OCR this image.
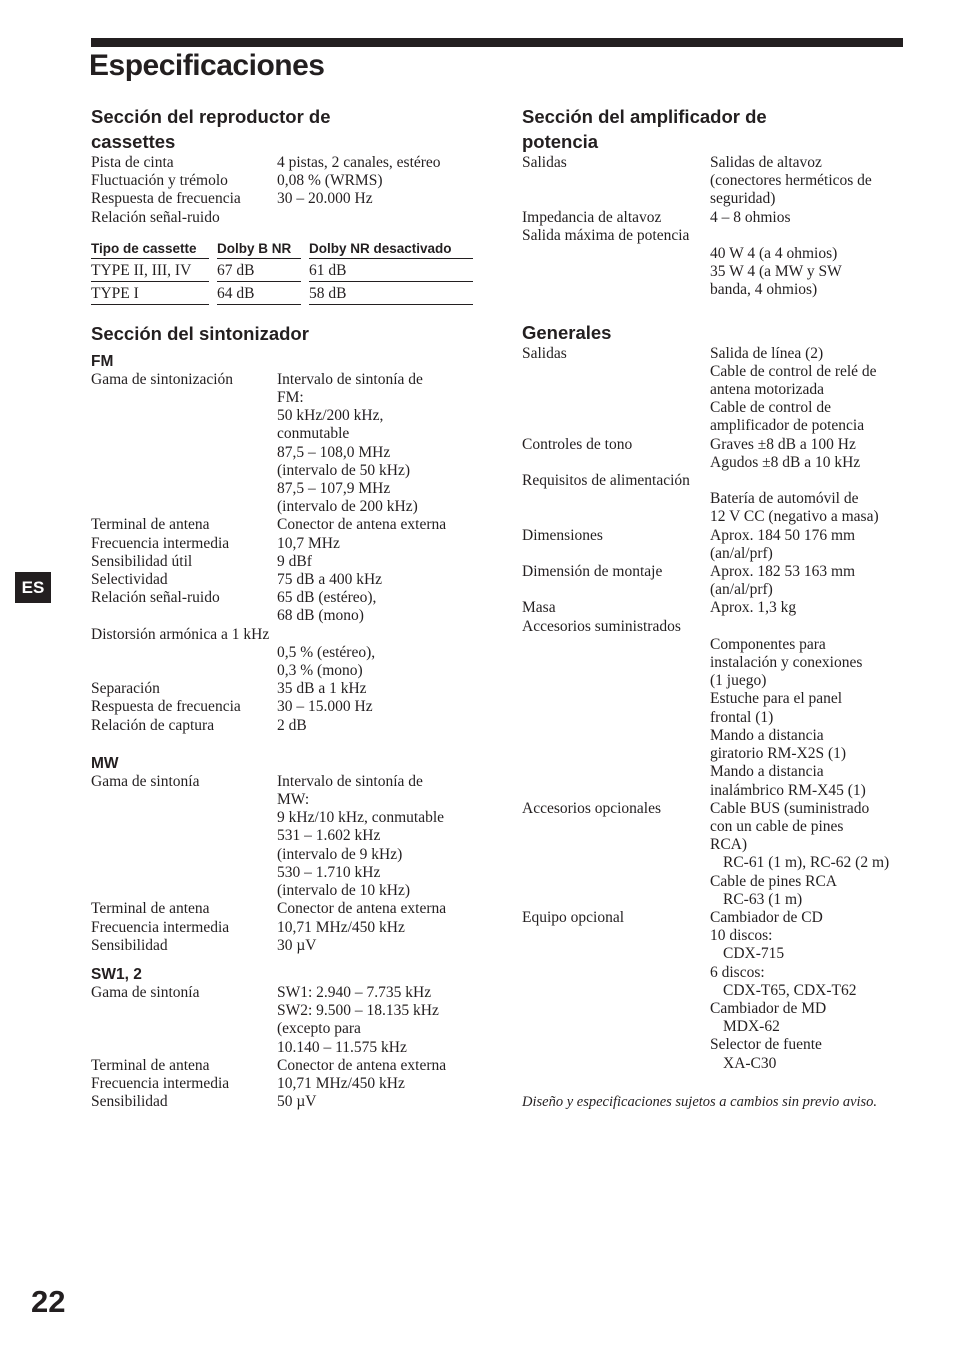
Especificaciones
Sección del reproductor de
cassettes
Pista de cinta	4 pistas, 2 canales, estéreo
Fluctuación y trémolo	0,08 % (WRMS)
Respuesta de frecuencia	30 – 20.000 Hz
Relación señal-ruido
Tipo de cassette		Dolby B NR		Dolby NR desactivado
TYPE II, III, IV		67 dB		61 dB
TYPE I		64 dB		58 dB
Sección del sintonizador
FM
Gama de sintonización	Intervalo de sintonía de
FM:
50 kHz/200 kHz,
conmutable
87,5 – 108,0 MHz
(intervalo de 50 kHz)
87,5 – 107,9 MHz
(intervalo de 200 kHz)
Terminal de antena	Conector de antena externa
Frecuencia intermedia	10,7 MHz
Sensibilidad útil	9 dBf
Selectividad	75 dB a 400 kHz
Relación señal-ruido	65 dB (estéreo),
68 dB (mono)
Distorsión armónica a 1 kHz
0,5 % (estéreo),
0,3 % (mono)
Separación	35 dB a 1 kHz
Respuesta de frecuencia	30 – 15.000 Hz
Relación de captura	2 dB
MW
Gama de sintonía	Intervalo de sintonía de
MW:
9 kHz/10 kHz, conmutable
531 – 1.602 kHz
(intervalo de 9 kHz)
530 – 1.710 kHz
(intervalo de 10 kHz)
Terminal de antena	Conector de antena externa
Frecuencia intermedia	10,71 MHz/450 kHz
Sensibilidad	30 µV
SW1, 2
Gama de sintonía	SW1: 2.940 – 7.735 kHz
SW2: 9.500 – 18.135 kHz
(excepto para
10.140 – 11.575 kHz
Terminal de antena	Conector de antena externa
Frecuencia intermedia	10,71 MHz/450 kHz
Sensibilidad	50 µV
Sección del amplificador de
potencia
Salidas	Salidas de altavoz
(conectores herméticos de
seguridad)
Impedancia de altavoz	4 – 8 ohmios
Salida máxima de potencia
40 W 4 (a 4 ohmios)
35 W 4 (a MW y SW
banda, 4 ohmios)
Generales
Salidas	Salida de línea (2)
Cable de control de relé de
antena motorizada
Cable de control de
amplificador de potencia
Controles de tono	Graves ±8 dB a 100 Hz
Agudos ±8 dB a 10 kHz
Requisitos de alimentación
Batería de automóvil de
12 V CC (negativo a masa)
Dimensiones	Aprox. 184 50 176 mm
(an/al/prf)
Dimensión de montaje	Aprox. 182 53 163 mm
(an/al/prf)
Masa	Aprox. 1,3 kg
Accesorios suministrados
Componentes para
instalación y conexiones
(1 juego)
Estuche para el panel
frontal (1)
Mando a distancia
giratorio RM-X2S (1)
Mando a distancia
inalámbrico RM-X45 (1)
Accesorios opcionales	Cable BUS (suministrado
con un cable de pines
RCA)
RC-61 (1 m), RC-62 (2 m)
Cable de pines RCA
RC-63 (1 m)
Equipo opcional	Cambiador de CD
10 discos:
CDX-715
6 discos:
CDX-T65, CDX-T62
Cambiador de MD
MDX-62
Selector de fuente
XA-C30
Diseño y especificaciones sujetos a cambios sin previo aviso.
ES
22
